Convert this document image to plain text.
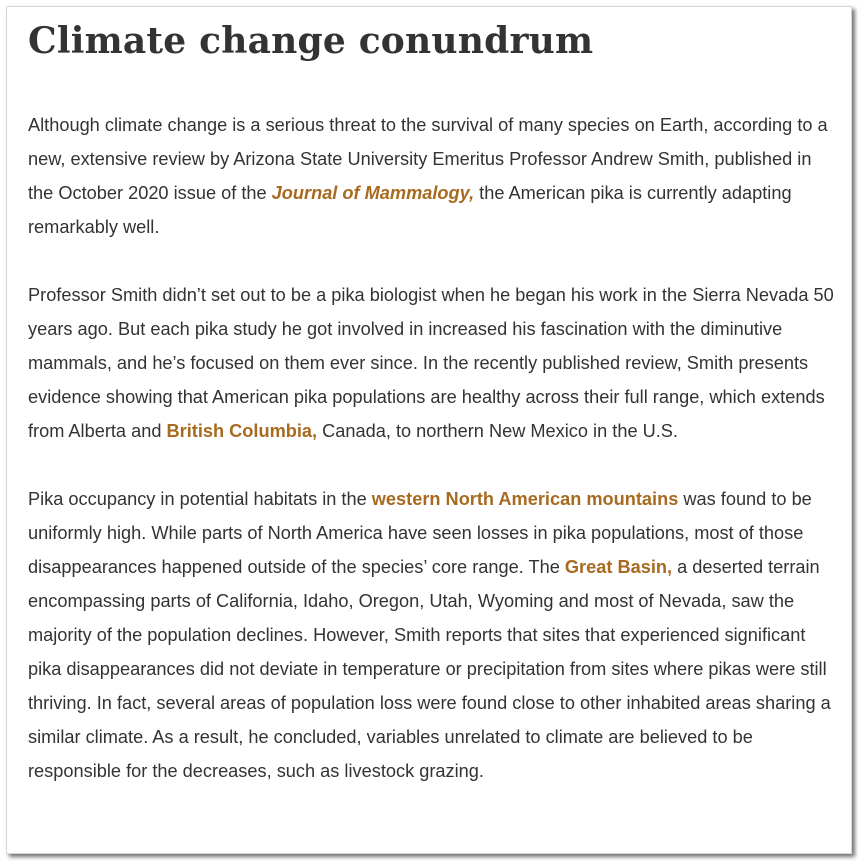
Climate change conundrum

Although climate change is a serious threat to the survival of many species on Earth, according to a new, extensive review by Arizona State University Emeritus Professor Andrew Smith, published in the October 2020 issue of the Journal of Mammalogy, the American pika is currently adapting remarkably well.

Professor Smith didn’t set out to be a pika biologist when he began his work in the Sierra Nevada 50 years ago. But each pika study he got involved in increased his fascination with the diminutive mammals, and he’s focused on them ever since. In the recently published review, Smith presents evidence showing that American pika populations are healthy across their full range, which extends from Alberta and British Columbia, Canada, to northern New Mexico in the U.S.

Pika occupancy in potential habitats in the western North American mountains was found to be uniformly high. While parts of North America have seen losses in pika populations, most of those disappearances happened outside of the species’ core range. The Great Basin, a deserted terrain encompassing parts of California, Idaho, Oregon, Utah, Wyoming and most of Nevada, saw the majority of the population declines. However, Smith reports that sites that experienced significant pika disappearances did not deviate in temperature or precipitation from sites where pikas were still thriving. In fact, several areas of population loss were found close to other inhabited areas sharing a similar climate. As a result, he concluded, variables unrelated to climate are believed to be responsible for the decreases, such as livestock grazing.
